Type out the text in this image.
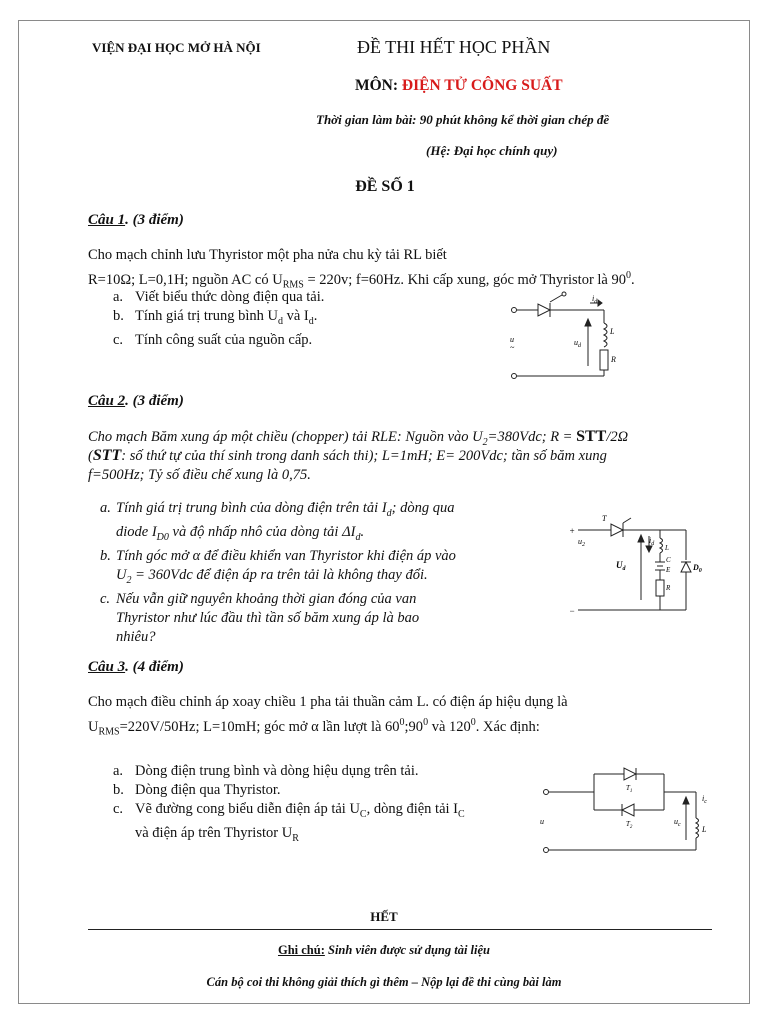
VIỆN ĐẠI HỌC MỞ HÀ NỘI	ĐỀ THI HẾT HỌC PHẦN
MÔN: ĐIỆN TỬ CÔNG SUẤT
Thời gian làm bài: 90 phút không kể thời gian chép đề
(Hệ: Đại học chính quy)
ĐỀ SỐ 1
Câu 1. (3 điểm)
Cho mạch chỉnh lưu Thyristor một pha nửa chu kỳ tải RL biết
R=10Ω; L=0,1H; nguồn AC có $U_{RMS} = 220v$; f=60Hz. Khi cấp xung, góc mở Thyristor là $90^0$.
a. Viết biểu thức dòng điện qua tải.
b. Tính giá trị trung bình $U_d$ và $I_d$.
c. Tính công suất của nguồn cấp.
$i_d$
L
R
$u_d$
u
~
Câu 2. (3 điểm)
Cho mạch Băm xung áp một chiều (chopper) tải RLE: Nguồn vào $U_2=380Vdc$; R = STT/2Ω
(STT: số thứ tự của thí sinh trong danh sách thi); L=1mH; E= 200Vdc; tần số băm xung
f=500Hz; Tỷ số điều chế xung là 0,75.
a. Tính giá trị trung bình của dòng điện trên tải $I_d$; dòng qua
diode $I_{D0}$ và độ nhấp nhô của dòng tải $\Delta I_d$.
b. Tính góc mở α để điều khiển van Thyristor khi điện áp vào
$U_2 = 360Vdc$ để điện áp ra trên tải là không thay đổi.
c. Nếu vẫn giữ nguyên khoảng thời gian đóng của van
Thyristor như lúc đầu thì tần số băm xung áp là bao
nhiêu?
T
+
−
$u_2$	$i_d$ L
C
E
R
$U_d$	$D_0$
Câu 3. (4 điểm)
Cho mạch điều chỉnh áp xoay chiều 1 pha tải thuần cảm L. có điện áp hiệu dụng là
$U_{RMS}=220V/50Hz$; L=10mH; góc mở α lần lượt là $60^0;90^0$ và $120^0$. Xác định:
a. Dòng điện trung bình và dòng hiệu dụng trên tải.
b. Dòng điện qua Thyristor.
c. Vẽ đường cong biểu diễn điện áp tải $U_C$, dòng điện tải $I_C$
và điện áp trên Thyristor $U_R$
$T_1$
$T_2$
u	$u_c$
$i_c$
L
HẾT
Ghi chú: Sinh viên được sử dụng tài liệu
Cán bộ coi thi không giải thích gì thêm – Nộp lại đề thi cùng bài làm
